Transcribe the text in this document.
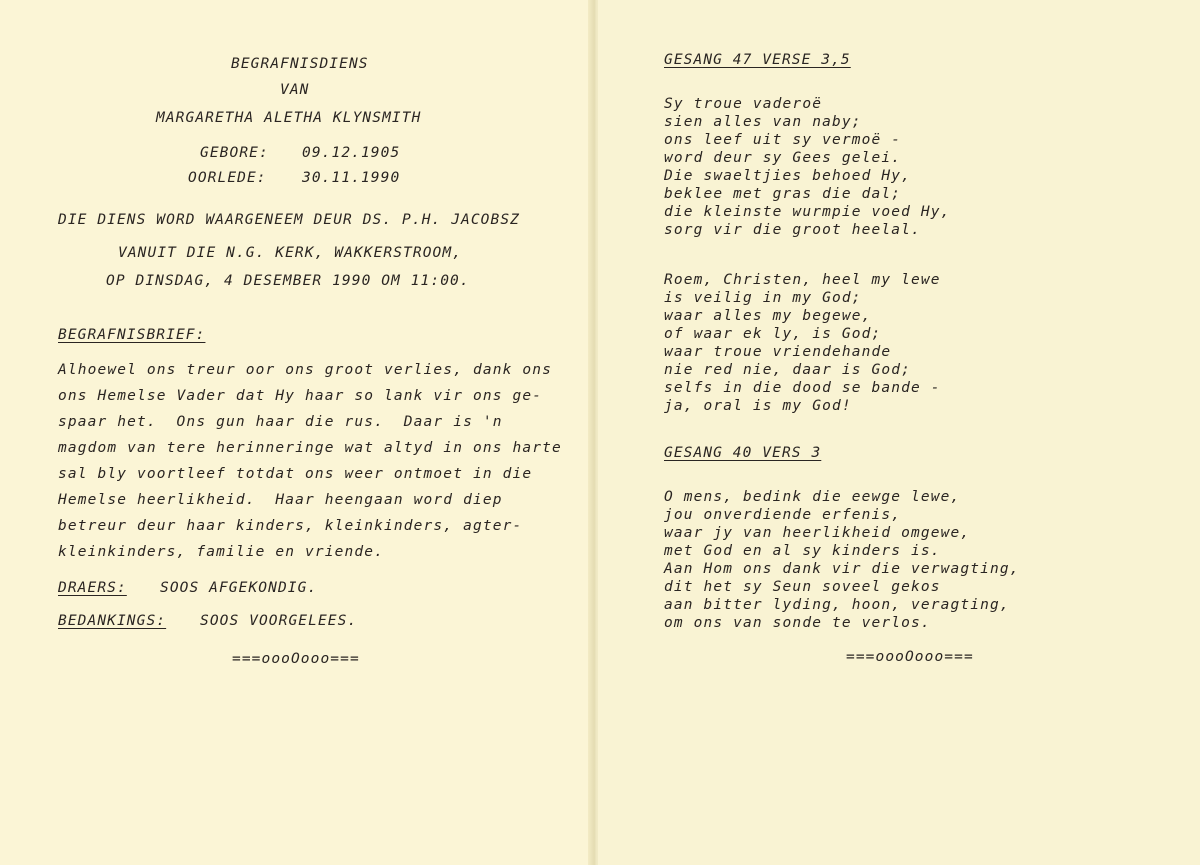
BEGRAFNISDIENS
VAN
MARGARETHA ALETHA KLYNSMITH
GEBORE: 09.12.1905
OORLEDE: 30.11.1990
DIE DIENS WORD WAARGENEEM DEUR DS. P.H. JACOBSZ
VANUIT DIE N.G. KERK, WAKKERSTROOM,
OP DINSDAG, 4 DESEMBER 1990 OM 11:00.
BEGRAFNISBRIEF:
Alhoewel ons treur oor ons groot verlies, dank ons
ons Hemelse Vader dat Hy haar so lank vir ons ge-
spaar het.  Ons gun haar die rus.  Daar is 'n
magdom van tere herinneringe wat altyd in ons harte
sal bly voortleef totdat ons weer ontmoet in die
Hemelse heerlikheid.  Haar heengaan word diep
betreur deur haar kinders, kleinkinders, agter-
kleinkinders, familie en vriende.
DRAERS: SOOS AFGEKONDIG.
BEDANKINGS: SOOS VOORGELEES.
===oooOooo===
GESANG 47 VERSE 3,5
Sy troue vaderoë
sien alles van naby;
ons leef uit sy vermoë -
word deur sy Gees gelei.
Die swaeltjies behoed Hy,
beklee met gras die dal;
die kleinste wurmpie voed Hy,
sorg vir die groot heelal.
Roem, Christen, heel my lewe
is veilig in my God;
waar alles my begewe,
of waar ek ly, is God;
waar troue vriendehande
nie red nie, daar is God;
selfs in die dood se bande -
ja, oral is my God!
GESANG 40 VERS 3
O mens, bedink die eewge lewe,
jou onverdiende erfenis,
waar jy van heerlikheid omgewe,
met God en al sy kinders is.
Aan Hom ons dank vir die verwagting,
dit het sy Seun soveel gekos
aan bitter lyding, hoon, veragting,
om ons van sonde te verlos.
===oooOooo===
